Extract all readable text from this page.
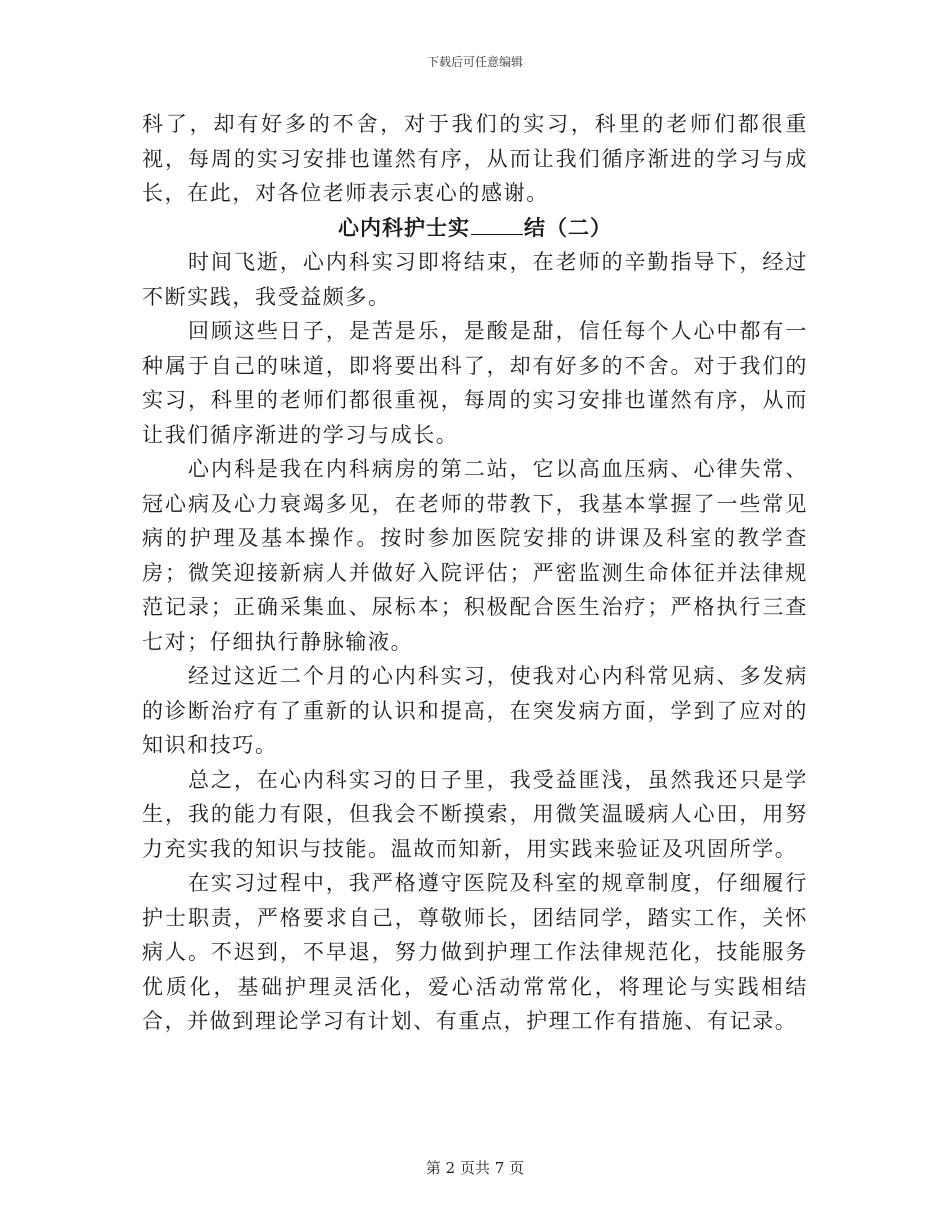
下载后可任意编辑

科了，却有好多的不舍，对于我们的实习，科里的老师们都很重视，每周的实习安排也谨然有序，从而让我们循序渐进的学习与成长，在此，对各位老师表示衷心的感谢。

心内科护士实	结（二）

时间飞逝，心内科实习即将结束，在老师的辛勤指导下，经过不断实践，我受益颇多。

回顾这些日子，是苦是乐，是酸是甜，信任每个人心中都有一种属于自己的味道，即将要出科了，却有好多的不舍。对于我们的实习，科里的老师们都很重视，每周的实习安排也谨然有序，从而让我们循序渐进的学习与成长。

心内科是我在内科病房的第二站，它以高血压病、心律失常、冠心病及心力衰竭多见，在老师的带教下，我基本掌握了一些常见病的护理及基本操作。按时参加医院安排的讲课及科室的教学查房；微笑迎接新病人并做好入院评估；严密监测生命体征并法律规范记录；正确采集血、尿标本；积极配合医生治疗；严格执行三查七对；仔细执行静脉输液。

经过这近二个月的心内科实习，使我对心内科常见病、多发病的诊断治疗有了重新的认识和提高，在突发病方面，学到了应对的知识和技巧。

总之，在心内科实习的日子里，我受益匪浅，虽然我还只是学生，我的能力有限，但我会不断摸索，用微笑温暖病人心田，用努力充实我的知识与技能。温故而知新，用实践来验证及巩固所学。

在实习过程中，我严格遵守医院及科室的规章制度，仔细履行护士职责，严格要求自己，尊敬师长，团结同学，踏实工作，关怀病人。不迟到，不早退，努力做到护理工作法律规范化，技能服务优质化，基础护理灵活化，爱心活动常常化，将理论与实践相结合，并做到理论学习有计划、有重点，护理工作有措施、有记录。

第 2 页共 7 页
